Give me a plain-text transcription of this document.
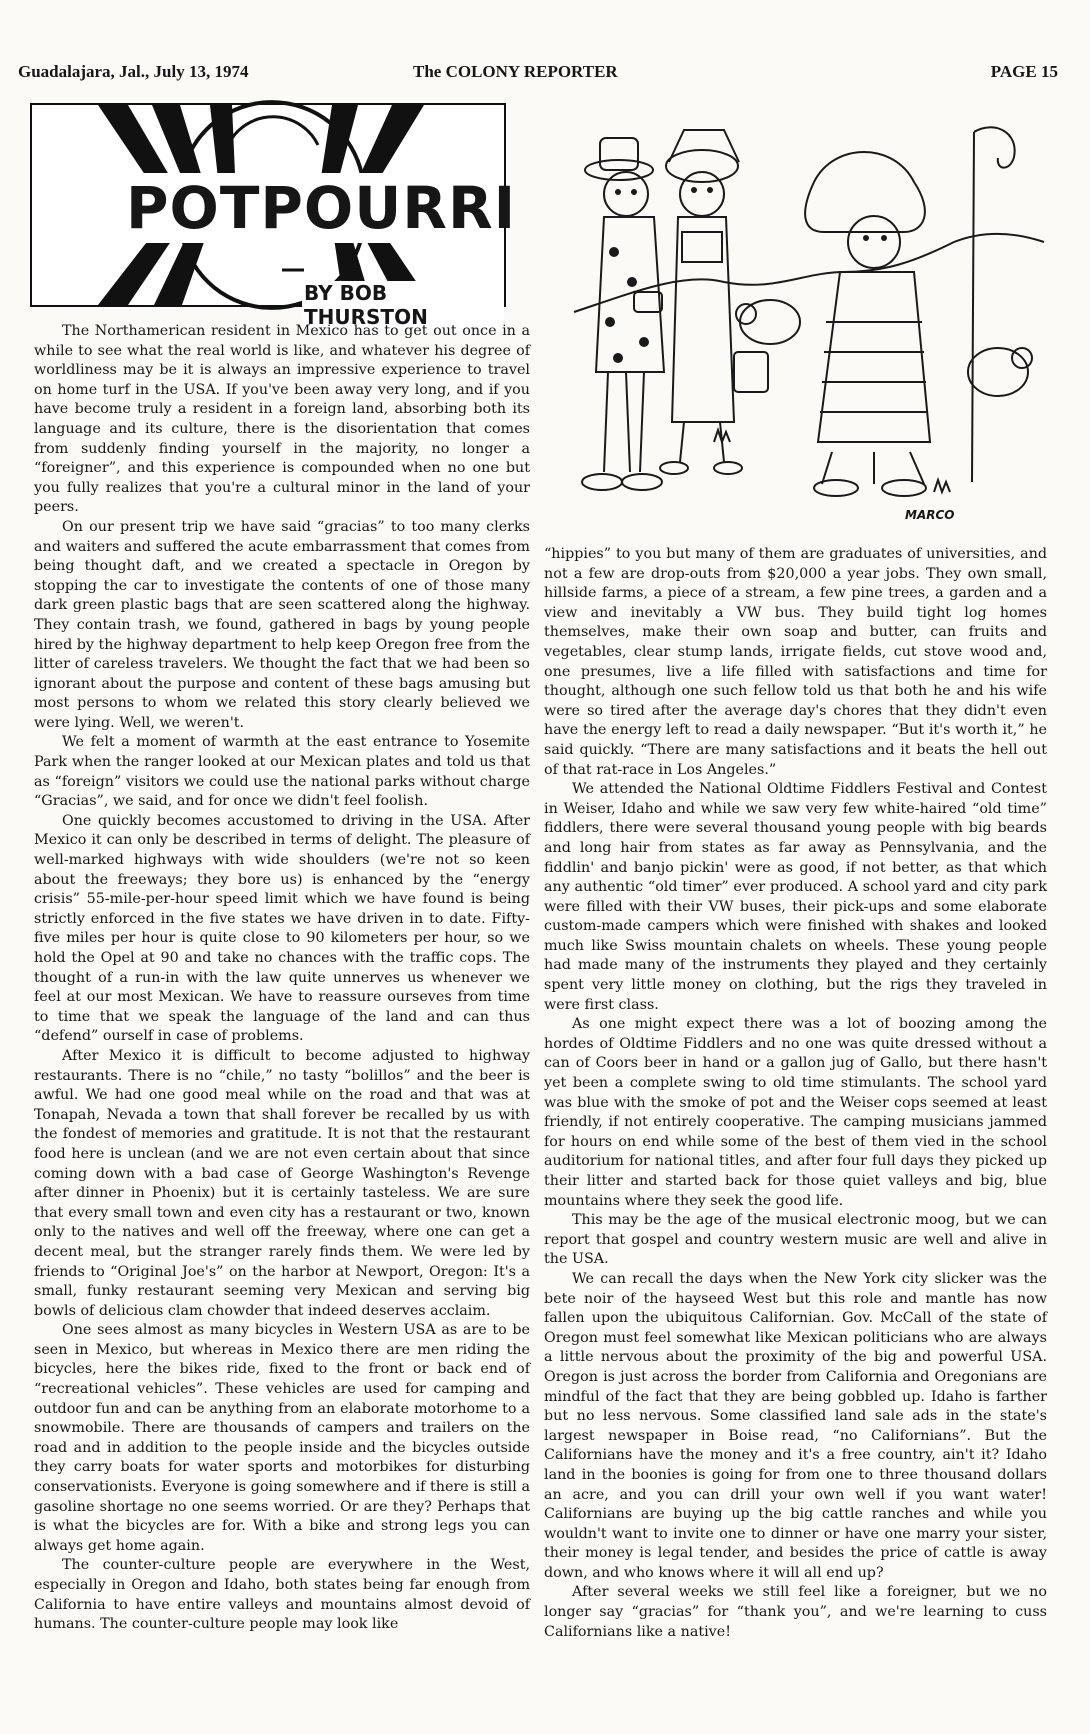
Guadalajara, Jal., July 13, 1974	The COLONY REPORTER	PAGE 15
POTPOURRI
BY BOB THURSTON
MARCO

The Northamerican resident in Mexico has to get out once in a while to see what the real world is like, and whatever his degree of worldliness may be it is always an impressive experience to travel on home turf in the USA. If you've been away very long, and if you have become truly a resident in a foreign land, absorbing both its language and its culture, there is the disorientation that comes from suddenly finding yourself in the majority, no longer a “foreigner”, and this experience is compounded when no one but you fully realizes that you're a cultural minor in the land of your peers.

On our present trip we have said “gracias” to too many clerks and waiters and suffered the acute embarrassment that comes from being thought daft, and we created a spectacle in Oregon by stopping the car to investigate the contents of one of those many dark green plastic bags that are seen scattered along the highway. They contain trash, we found, gathered in bags by young people hired by the highway department to help keep Oregon free from the litter of careless travelers. We thought the fact that we had been so ignorant about the purpose and content of these bags amusing but most persons to whom we related this story clearly believed we were lying. Well, we weren't.

We felt a moment of warmth at the east entrance to Yosemite Park when the ranger looked at our Mexican plates and told us that as “foreign” visitors we could use the national parks without charge “Gracias”, we said, and for once we didn't feel foolish.

One quickly becomes accustomed to driving in the USA. After Mexico it can only be described in terms of delight. The pleasure of well-marked highways with wide shoulders (we're not so keen about the freeways; they bore us) is enhanced by the “energy crisis” 55-mile-per-hour speed limit which we have found is being strictly enforced in the five states we have driven in to date. Fifty-five miles per hour is quite close to 90 kilometers per hour, so we hold the Opel at 90 and take no chances with the traffic cops. The thought of a run-in with the law quite unnerves us whenever we feel at our most Mexican. We have to reassure ourseves from time to time that we speak the language of the land and can thus “defend” ourself in case of problems.

After Mexico it is difficult to become adjusted to highway restaurants. There is no “chile,” no tasty “bolillos” and the beer is awful. We had one good meal while on the road and that was at Tonapah, Nevada a town that shall forever be recalled by us with the fondest of memories and gratitude. It is not that the restaurant food here is unclean (and we are not even certain about that since coming down with a bad case of George Washington's Revenge after dinner in Phoenix) but it is certainly tasteless. We are sure that every small town and even city has a restaurant or two, known only to the natives and well off the freeway, where one can get a decent meal, but the stranger rarely finds them. We were led by friends to “Original Joe's” on the harbor at Newport, Oregon: It's a small, funky restaurant seeming very Mexican and serving big bowls of delicious clam chowder that indeed deserves acclaim.

One sees almost as many bicycles in Western USA as are to be seen in Mexico, but whereas in Mexico there are men riding the bicycles, here the bikes ride, fixed to the front or back end of “recreational vehicles”. These vehicles are used for camping and outdoor fun and can be anything from an elaborate motorhome to a snowmobile. There are thousands of campers and trailers on the road and in addition to the people inside and the bicycles outside they carry boats for water sports and motorbikes for disturbing conservationists. Everyone is going somewhere and if there is still a gasoline shortage no one seems worried. Or are they? Perhaps that is what the bicycles are for. With a bike and strong legs you can always get home again.

The counter-culture people are everywhere in the West, especially in Oregon and Idaho, both states being far enough from California to have entire valleys and mountains almost devoid of humans. The counter-culture people may look like

“hippies” to you but many of them are graduates of universities, and not a few are drop-outs from $20,000 a year jobs. They own small, hillside farms, a piece of a stream, a few pine trees, a garden and a view and inevitably a VW bus. They build tight log homes themselves, make their own soap and butter, can fruits and vegetables, clear stump lands, irrigate fields, cut stove wood and, one presumes, live a life filled with satisfactions and time for thought, although one such fellow told us that both he and his wife were so tired after the average day's chores that they didn't even have the energy left to read a daily newspaper. “But it's worth it,” he said quickly. “There are many satisfactions and it beats the hell out of that rat-race in Los Angeles.”

We attended the National Oldtime Fiddlers Festival and Contest in Weiser, Idaho and while we saw very few white-haired “old time” fiddlers, there were several thousand young people with big beards and long hair from states as far away as Pennsylvania, and the fiddlin' and banjo pickin' were as good, if not better, as that which any authentic “old timer” ever produced. A school yard and city park were filled with their VW buses, their pick-ups and some elaborate custom-made campers which were finished with shakes and looked much like Swiss mountain chalets on wheels. These young people had made many of the instruments they played and they certainly spent very little money on clothing, but the rigs they traveled in were first class.

As one might expect there was a lot of boozing among the hordes of Oldtime Fiddlers and no one was quite dressed without a can of Coors beer in hand or a gallon jug of Gallo, but there hasn't yet been a complete swing to old time stimulants. The school yard was blue with the smoke of pot and the Weiser cops seemed at least friendly, if not entirely cooperative. The camping musicians jammed for hours on end while some of the best of them vied in the school auditorium for national titles, and after four full days they picked up their litter and started back for those quiet valleys and big, blue mountains where they seek the good life.

This may be the age of the musical electronic moog, but we can report that gospel and country western music are well and alive in the USA.

We can recall the days when the New York city slicker was the bete noir of the hayseed West but this role and mantle has now fallen upon the ubiquitous Californian. Gov. McCall of the state of Oregon must feel somewhat like Mexican politicians who are always a little nervous about the proximity of the big and powerful USA. Oregon is just across the border from California and Oregonians are mindful of the fact that they are being gobbled up. Idaho is farther but no less nervous. Some classified land sale ads in the state's largest newspaper in Boise read, “no Californians”. But the Californians have the money and it's a free country, ain't it? Idaho land in the boonies is going for from one to three thousand dollars an acre, and you can drill your own well if you want water! Californians are buying up the big cattle ranches and while you wouldn't want to invite one to dinner or have one marry your sister, their money is legal tender, and besides the price of cattle is away down, and who knows where it will all end up?

After several weeks we still feel like a foreigner, but we no longer say “gracias” for “thank you”, and we're learning to cuss Californians like a native!
